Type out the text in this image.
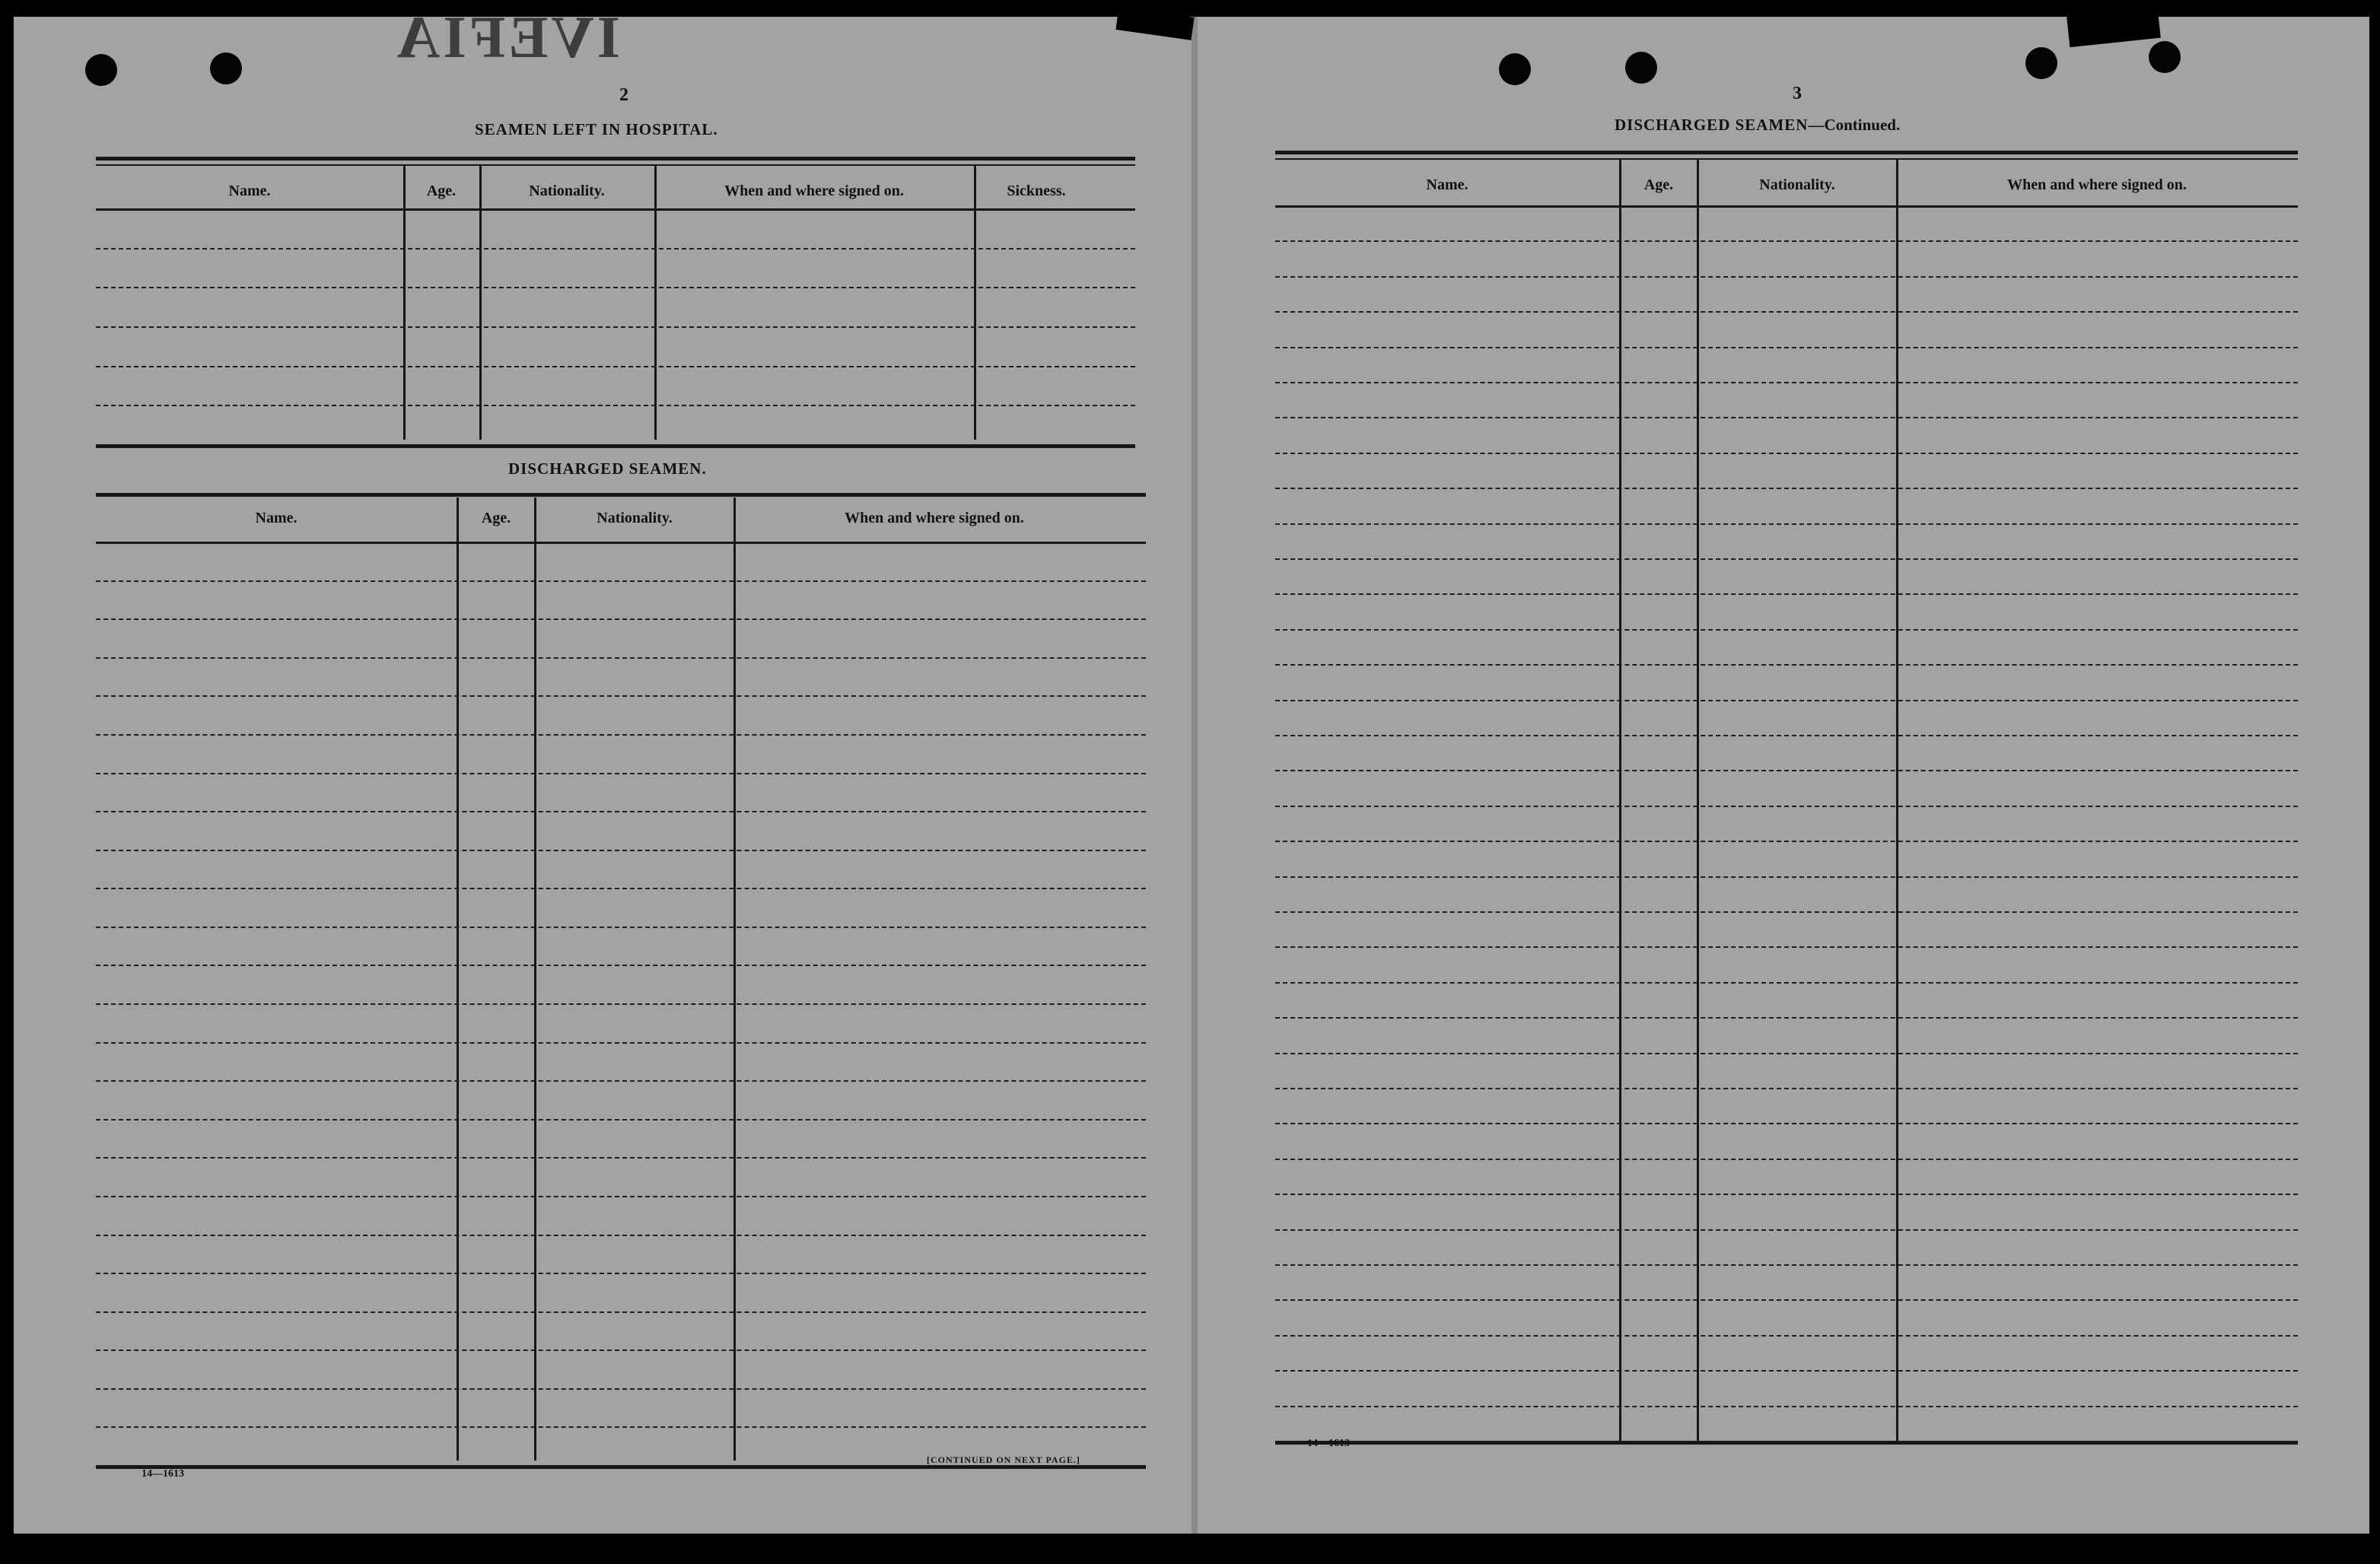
IVEFIA
2
SEAMEN LEFT IN HOSPITAL.
Name.	Age.	Nationality.	When and where signed on.	Sickness.
DISCHARGED SEAMEN.
Name.	Age.	Nationality.	When and where signed on.
14—1613
[CONTINUED ON NEXT PAGE.]
3
DISCHARGED SEAMEN—Continued.
Name.	Age.	Nationality.	When and where signed on.
14—1613
